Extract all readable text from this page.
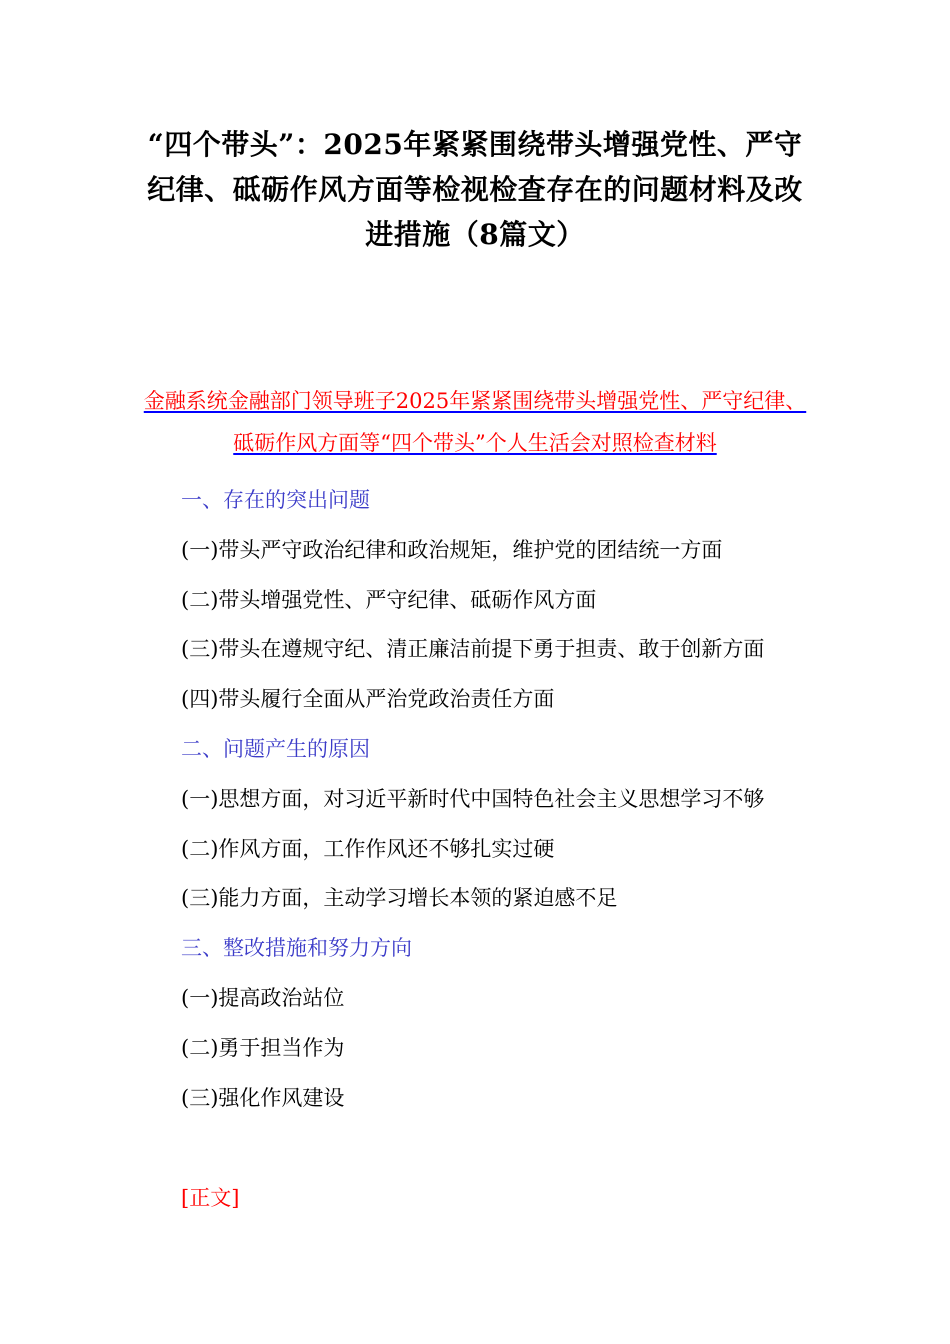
“四个带头”：2025年紧紧围绕带头增强党性、严守纪律、砥砺作风方面等检视检查存在的问题材料及改进措施（8篇文）

金融系统金融部门领导班子2025年紧紧围绕带头增强党性、严守纪律、砥砺作风方面等“四个带头”个人生活会对照检查材料

一、存在的突出问题
(一)带头严守政治纪律和政治规矩，维护党的团结统一方面
(二)带头增强党性、严守纪律、砥砺作风方面
(三)带头在遵规守纪、清正廉洁前提下勇于担责、敢于创新方面
(四)带头履行全面从严治党政治责任方面
二、问题产生的原因
(一)思想方面，对习近平新时代中国特色社会主义思想学习不够
(二)作风方面，工作作风还不够扎实过硬
(三)能力方面，主动学习增长本领的紧迫感不足
三、整改措施和努力方向
(一)提高政治站位
(二)勇于担当作为
(三)强化作风建设
[正文]
